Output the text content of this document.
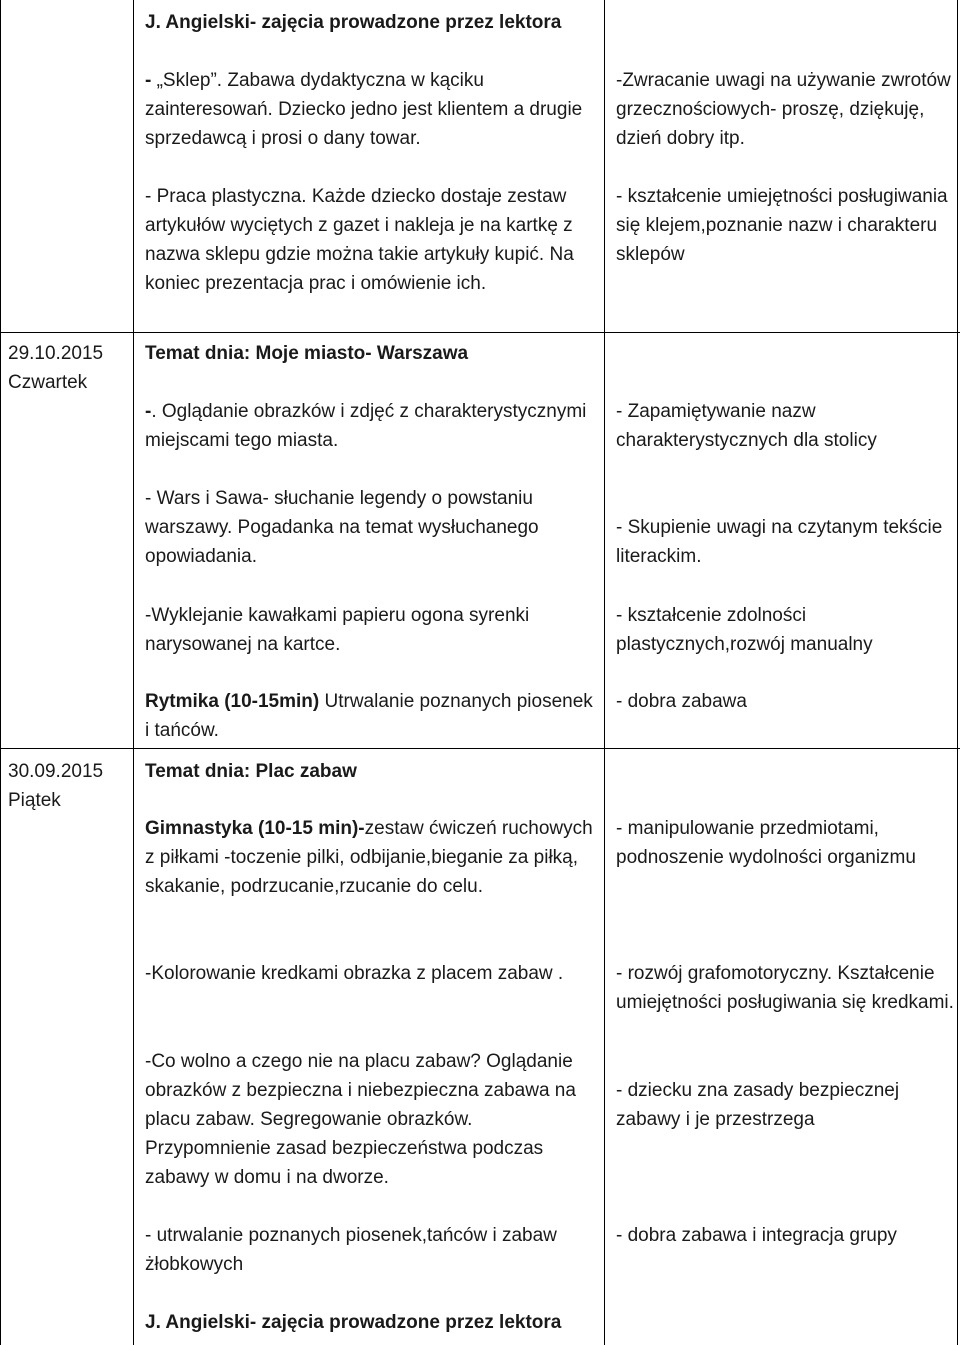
J. Angielski- zajęcia prowadzone przez lektora
29.10.2015
Czwartek
30.09.2015
Piątek
- „Sklep”. Zabawa dydaktyczna w kąciku zainteresowań. Dziecko jedno jest klientem a drugie sprzedawcą i prosi o dany towar.
- Praca plastyczna. Każde dziecko dostaje zestaw artykułów wyciętych z gazet i nakleja je na kartkę z nazwa sklepu gdzie można takie artykuły kupić. Na koniec prezentacja prac i omówienie ich.
Temat dnia: Moje miasto- Warszawa
-. Oglądanie obrazków i zdjęć z charakterystycznymi miejscami tego miasta.
- Wars i Sawa- słuchanie legendy o powstaniu warszawy. Pogadanka na temat wysłuchanego opowiadania.
-Wyklejanie kawałkami papieru ogona syrenki narysowanej na kartce.
Rytmika (10-15min) Utrwalanie poznanych piosenek i tańców.
Temat dnia: Plac zabaw
Gimnastyka (10-15 min)-zestaw ćwiczeń ruchowych z piłkami -toczenie pilki, odbijanie,bieganie za piłką, skakanie, podrzucanie,rzucanie do celu.
-Kolorowanie kredkami obrazka z placem zabaw .
-Co wolno a czego nie na placu zabaw? Oglądanie obrazków z bezpieczna i niebezpieczna zabawa na placu zabaw. Segregowanie obrazków. Przypomnienie zasad bezpieczeństwa podczas zabawy w domu i na dworze.
- utrwalanie poznanych piosenek,tańców i zabaw żłobkowych
J. Angielski- zajęcia prowadzone przez lektora
-Zwracanie uwagi na używanie zwrotów grzecznościowych- proszę, dziękuję, dzień dobry itp.
- kształcenie umiejętności posługiwania się klejem,poznanie nazw i charakteru sklepów
- Zapamiętywanie nazw charakterystycznych dla stolicy
- Skupienie uwagi na czytanym tekście literackim.
- kształcenie zdolności plastycznych,rozwój manualny
- dobra zabawa
- manipulowanie przedmiotami, podnoszenie wydolności organizmu
- rozwój grafomotoryczny. Kształcenie umiejętności posługiwania się kredkami.
- dziecku zna zasady bezpiecznej zabawy i je przestrzega
- dobra zabawa i integracja grupy
